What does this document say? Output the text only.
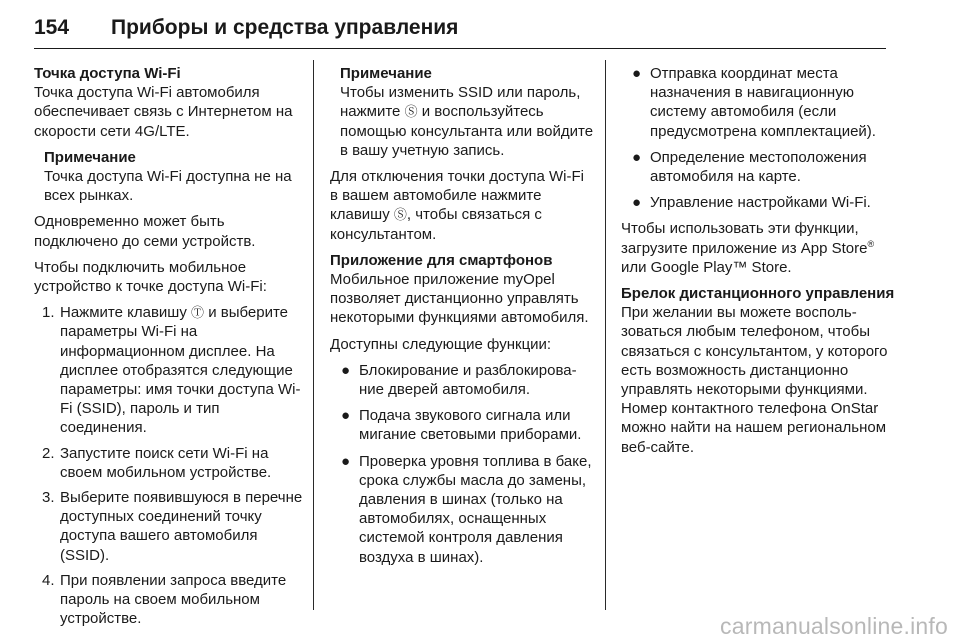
154 Приборы и средства управления
Точка доступа Wi-Fi

Точка доступа Wi-Fi автомобиля обеспечивает связь с Интернетом на скорости сети 4G/LTE.

Примечание
Точка доступа Wi-Fi доступна не на всех рынках.

Одновременно может быть подключено до семи устройств.

Чтобы подключить мобильное устройство к точке доступа Wi-Fi:

1. Нажмите клавишу Ⓣ и выберите параметры Wi-Fi на информационном дисплее. На дисплее отобразятся следующие параметры: имя точки доступа Wi-Fi (SSID), пароль и тип соединения.
2. Запустите поиск сети Wi-Fi на своем мобильном устройстве.
3. Выберите появившуюся в перечне доступных соединений точку доступа вашего автомобиля (SSID).
4. При появлении запроса введите пароль на своем мобильном устройстве.
Примечание
Чтобы изменить SSID или пароль, нажмите Ⓢ и воспользуйтесь помощью консультанта или войдите в вашу учетную запись.

Для отключения точки доступа Wi-Fi в вашем автомобиле нажмите клавишу Ⓢ, чтобы связаться с консультантом.

Приложение для смартфонов

Мобильное приложение myOpel позволяет дистанционно управлять некоторыми функциями автомобиля.

Доступны следующие функции:

● Блокирование и разблокирование дверей автомобиля.
● Подача звукового сигнала или мигание световыми приборами.
● Проверка уровня топлива в баке, срока службы масла до замены, давления в шинах (только на автомобилях, оснащенных системой контроля давления воздуха в шинах).
● Отправка координат места назначения в навигационную систему автомобиля (если предусмотрена комплектацией).
● Определение местоположения автомобиля на карте.
● Управление настройками Wi-Fi.

Чтобы использовать эти функции, загрузите приложение из App Store® или Google Play™ Store.

Брелок дистанционного управления

При желании вы можете воспользоваться любым телефоном, чтобы связаться с консультантом, у которого есть возможность дистанционно управлять некоторыми функциями. Номер контактного телефона OnStar можно найти на нашем региональном веб-сайте.

carmanualsonline.info
